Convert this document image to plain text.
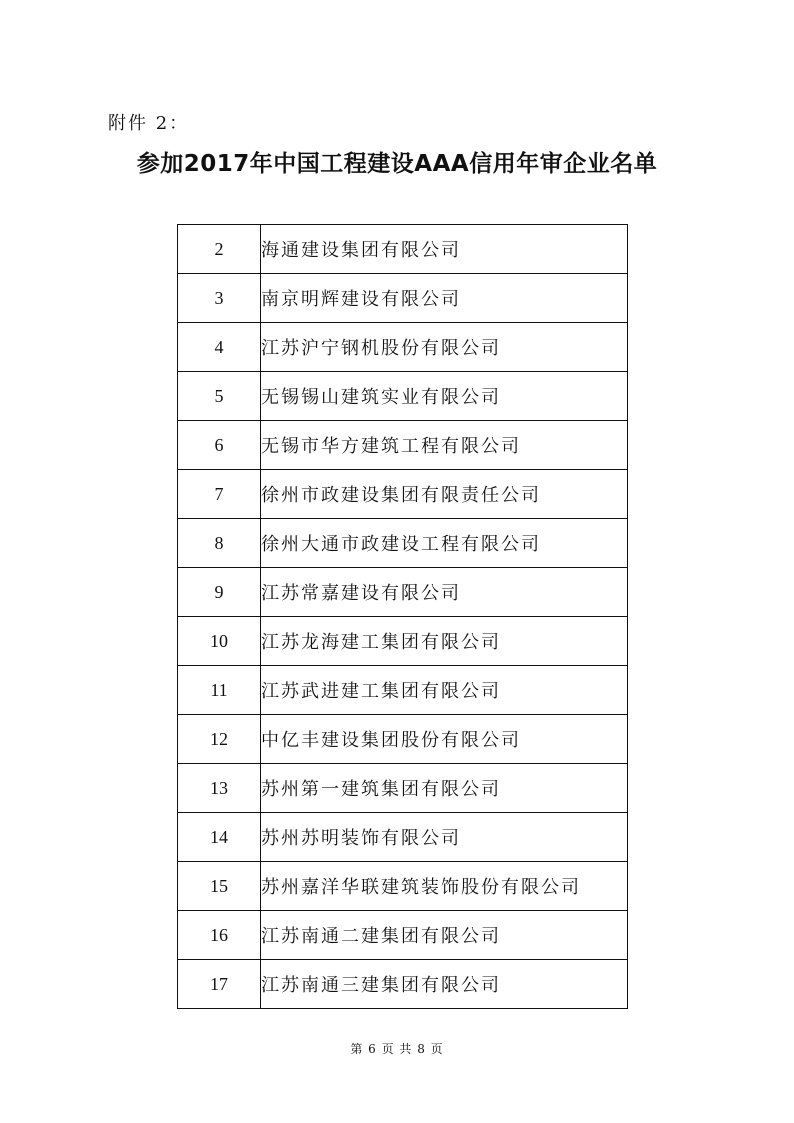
附件 2：
参加2017年中国工程建设AAA信用年审企业名单
2	海通建设集团有限公司
3	南京明辉建设有限公司
4	江苏沪宁钢机股份有限公司
5	无锡锡山建筑实业有限公司
6	无锡市华方建筑工程有限公司
7	徐州市政建设集团有限责任公司
8	徐州大通市政建设工程有限公司
9	江苏常嘉建设有限公司
10	江苏龙海建工集团有限公司
11	江苏武进建工集团有限公司
12	中亿丰建设集团股份有限公司
13	苏州第一建筑集团有限公司
14	苏州苏明装饰有限公司
15	苏州嘉洋华联建筑装饰股份有限公司
16	江苏南通二建集团有限公司
17	江苏南通三建集团有限公司
第 6 页 共 8 页
